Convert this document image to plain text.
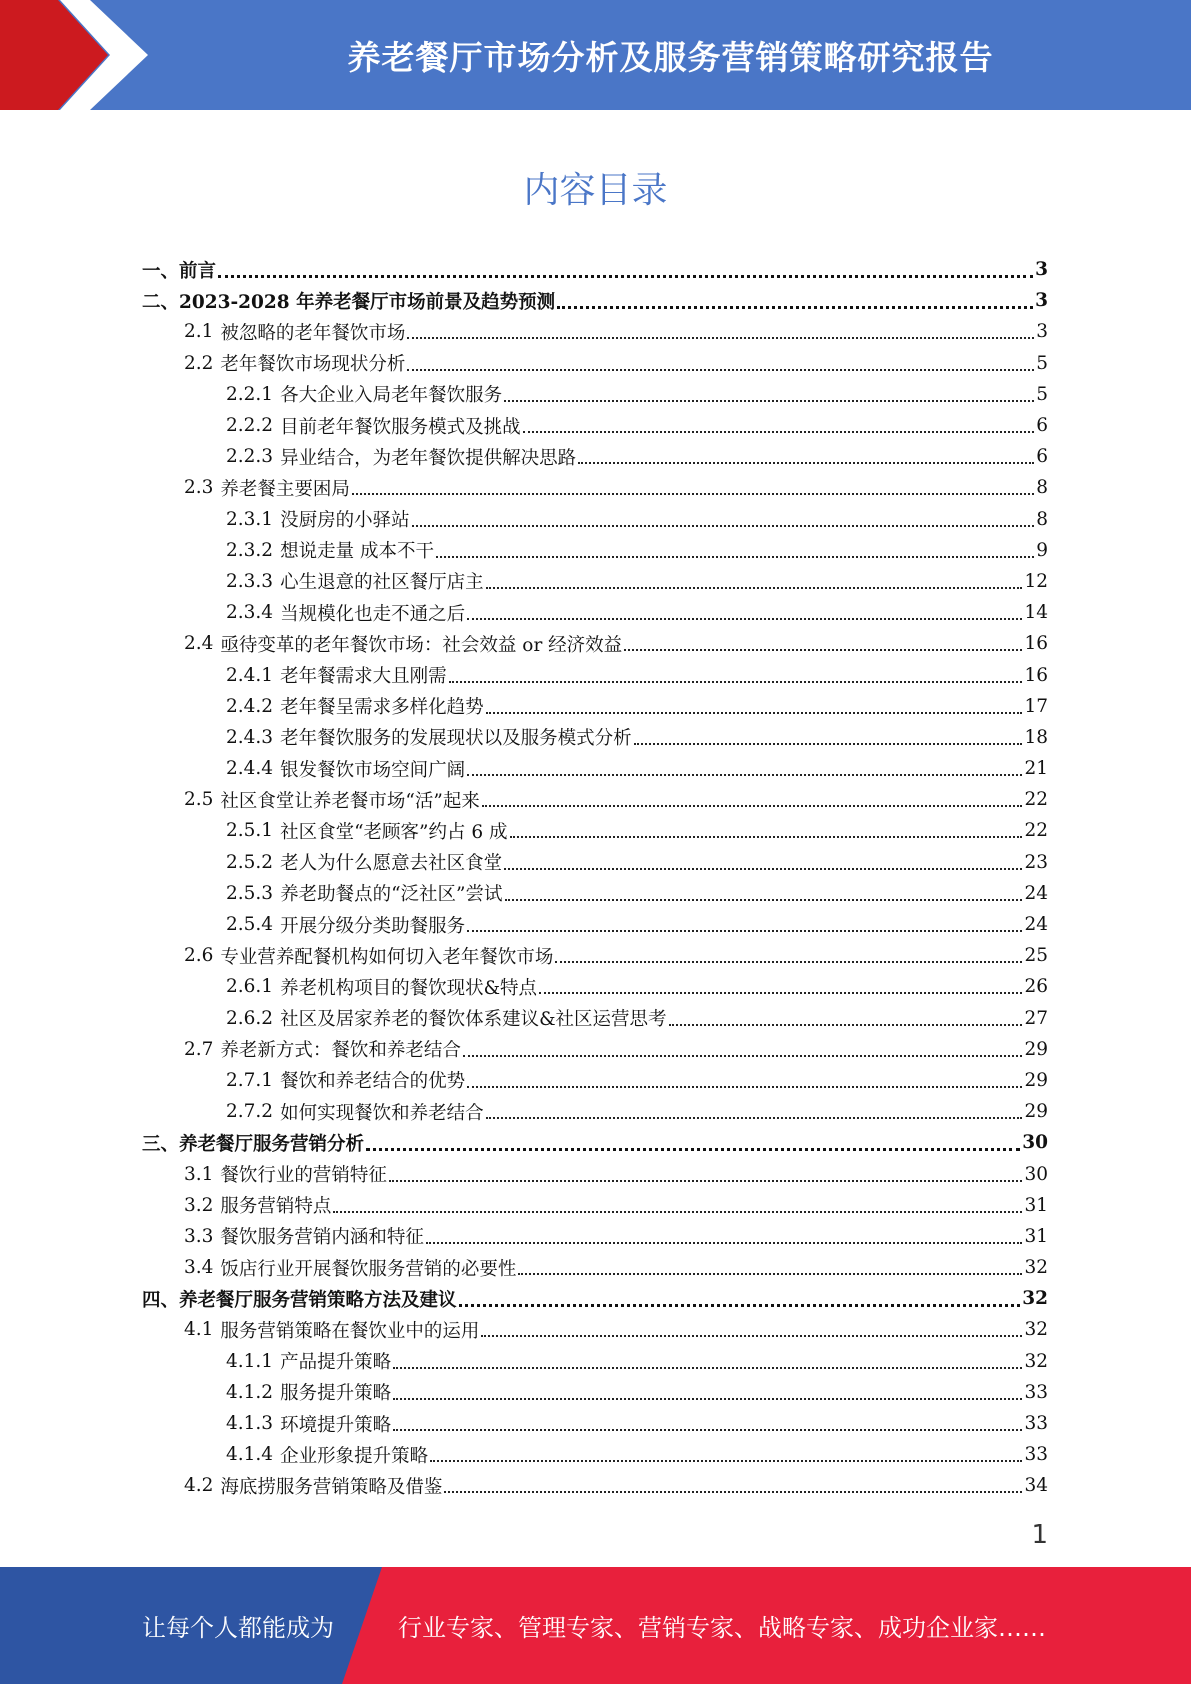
养老餐厅市场分析及服务营销策略研究报告
内容目录
一、 前言	3
二、 2023-2028 年养老餐厅市场前景及趋势预测	3
2.1 被忽略的老年餐饮市场	3
2.2 老年餐饮市场现状分析	5
2.2.1 各大企业入局老年餐饮服务	5
2.2.2 目前老年餐饮服务模式及挑战	6
2.2.3 异业结合，为老年餐饮提供解决思路	6
2.3 养老餐主要困局	8
2.3.1 没厨房的小驿站	8
2.3.2 想说走量 成本不干	9
2.3.3 心生退意的社区餐厅店主	12
2.3.4 当规模化也走不通之后	14
2.4 亟待变革的老年餐饮市场：社会效益 or 经济效益	16
2.4.1 老年餐需求大且刚需	16
2.4.2 老年餐呈需求多样化趋势	17
2.4.3 老年餐饮服务的发展现状以及服务模式分析	18
2.4.4 银发餐饮市场空间广阔	21
2.5 社区食堂让养老餐市场“活”起来	22
2.5.1 社区食堂“老顾客”约占 6 成	22
2.5.2 老人为什么愿意去社区食堂	23
2.5.3 养老助餐点的“泛社区”尝试	24
2.5.4 开展分级分类助餐服务	24
2.6 专业营养配餐机构如何切入老年餐饮市场	25
2.6.1 养老机构项目的餐饮现状&特点	26
2.6.2 社区及居家养老的餐饮体系建议&社区运营思考	27
2.7 养老新方式：餐饮和养老结合	29
2.7.1 餐饮和养老结合的优势	29
2.7.2 如何实现餐饮和养老结合	29
三、 养老餐厅服务营销分析	30
3.1 餐饮行业的营销特征	30
3.2 服务营销特点	31
3.3 餐饮服务营销内涵和特征	31
3.4 饭店行业开展餐饮服务营销的必要性	32
四、 养老餐厅服务营销策略方法及建议	32
4.1 服务营销策略在餐饮业中的运用	32
4.1.1 产品提升策略	32
4.1.2 服务提升策略	33
4.1.3 环境提升策略	33
4.1.4 企业形象提升策略	33
4.2 海底捞服务营销策略及借鉴	34
1
让每个人都能成为	行业专家、管理专家、营销专家、战略专家、成功企业家……
